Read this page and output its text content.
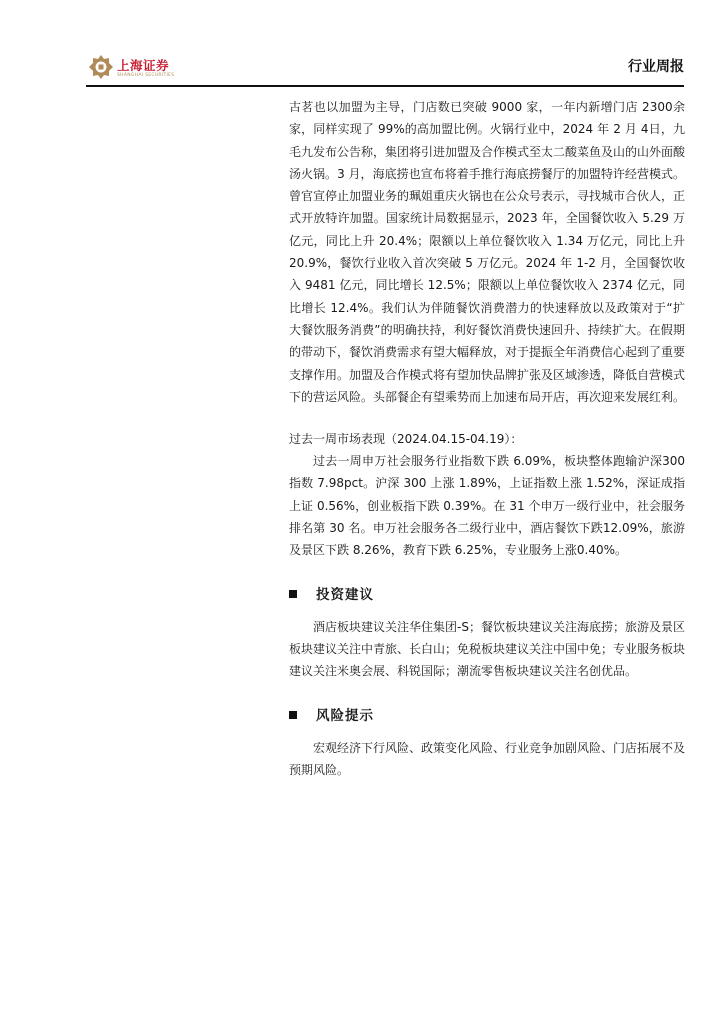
上海证券
SHANGHAI SECURITIES
行业周报

古茗也以加盟为主导，门店数已突破 9000 家，一年内新增门店 2300余家，同样实现了 99%的高加盟比例。火锅行业中，2024 年 2 月 4日，九毛九发布公告称，集团将引进加盟及合作模式至太二酸菜鱼及山的山外面酸汤火锅。3 月，海底捞也宣布将着手推行海底捞餐厅的加盟特许经营模式。曾官宣停止加盟业务的珮姐重庆火锅也在公众号表示，寻找城市合伙人，正式开放特许加盟。国家统计局数据显示，2023 年，全国餐饮收入 5.29 万亿元，同比上升 20.4%；限额以上单位餐饮收入 1.34 万亿元，同比上升 20.9%，餐饮行业收入首次突破 5 万亿元。2024 年 1-2 月，全国餐饮收入 9481 亿元，同比增长 12.5%；限额以上单位餐饮收入 2374 亿元，同比增长 12.4%。我们认为伴随餐饮消费潜力的快速释放以及政策对于“扩大餐饮服务消费”的明确扶持，利好餐饮消费快速回升、持续扩大。在假期的带动下，餐饮消费需求有望大幅释放，对于提振全年消费信心起到了重要支撑作用。加盟及合作模式将有望加快品牌扩张及区域渗透，降低自营模式下的营运风险。头部餐企有望乘势而上加速布局开店，再次迎来发展红利。

过去一周市场表现（2024.04.15-04.19）：

过去一周申万社会服务行业指数下跌 6.09%，板块整体跑输沪深300 指数 7.98pct。沪深 300 上涨 1.89%，上证指数上涨 1.52%，深证成指上证 0.56%，创业板指下跌 0.39%。在 31 个申万一级行业中，社会服务排名第 30 名。申万社会服务各二级行业中，酒店餐饮下跌12.09%，旅游及景区下跌 8.26%，教育下跌 6.25%，专业服务上涨0.40%。

投资建议

酒店板块建议关注华住集团-S；餐饮板块建议关注海底捞；旅游及景区板块建议关注中青旅、长白山；免税板块建议关注中国中免；专业服务板块建议关注米奥会展、科锐国际；潮流零售板块建议关注名创优品。

风险提示

宏观经济下行风险、政策变化风险、行业竞争加剧风险、门店拓展不及预期风险。
